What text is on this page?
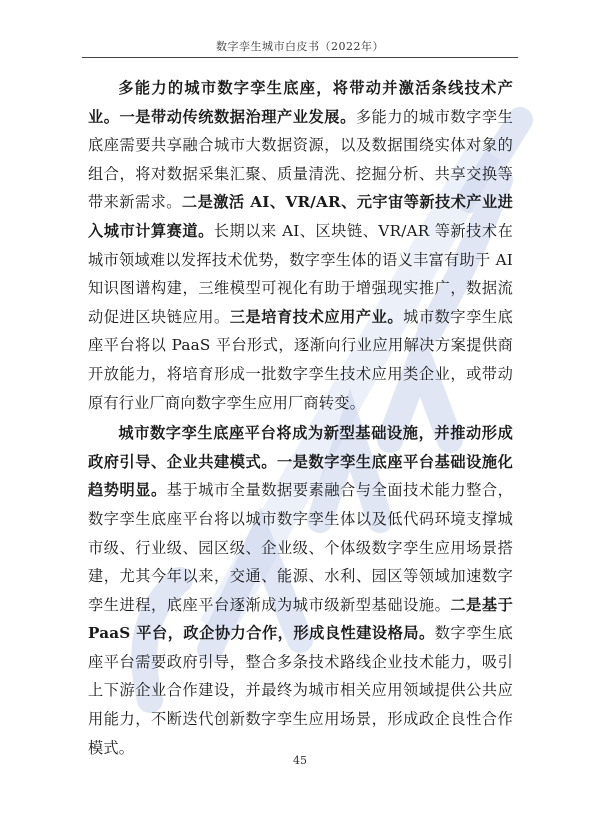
数字孪生城市白皮书（2022年）

多能力的城市数字孪生底座，将带动并激活条线技术产业。一是带动传统数据治理产业发展。多能力的城市数字孪生底座需要共享融合城市大数据资源，以及数据围绕实体对象的组合，将对数据采集汇聚、质量清洗、挖掘分析、共享交换等带来新需求。二是激活 AI、VR/AR、元宇宙等新技术产业进入城市计算赛道。长期以来 AI、区块链、VR/AR 等新技术在城市领域难以发挥技术优势，数字孪生体的语义丰富有助于 AI 知识图谱构建，三维模型可视化有助于增强现实推广，数据流动促进区块链应用。三是培育技术应用产业。城市数字孪生底座平台将以 PaaS 平台形式，逐渐向行业应用解决方案提供商开放能力，将培育形成一批数字孪生技术应用类企业，或带动原有行业厂商向数字孪生应用厂商转变。

城市数字孪生底座平台将成为新型基础设施，并推动形成政府引导、企业共建模式。一是数字孪生底座平台基础设施化趋势明显。基于城市全量数据要素融合与全面技术能力整合，数字孪生底座平台将以城市数字孪生体以及低代码环境支撑城市级、行业级、园区级、企业级、个体级数字孪生应用场景搭建，尤其今年以来，交通、能源、水利、园区等领域加速数字孪生进程，底座平台逐渐成为城市级新型基础设施。二是基于 PaaS 平台，政企协力合作，形成良性建设格局。数字孪生底座平台需要政府引导，整合多条技术路线企业技术能力，吸引上下游企业合作建设，并最终为城市相关应用领域提供公共应用能力，不断迭代创新数字孪生应用场景，形成政企良性合作模式。

45
